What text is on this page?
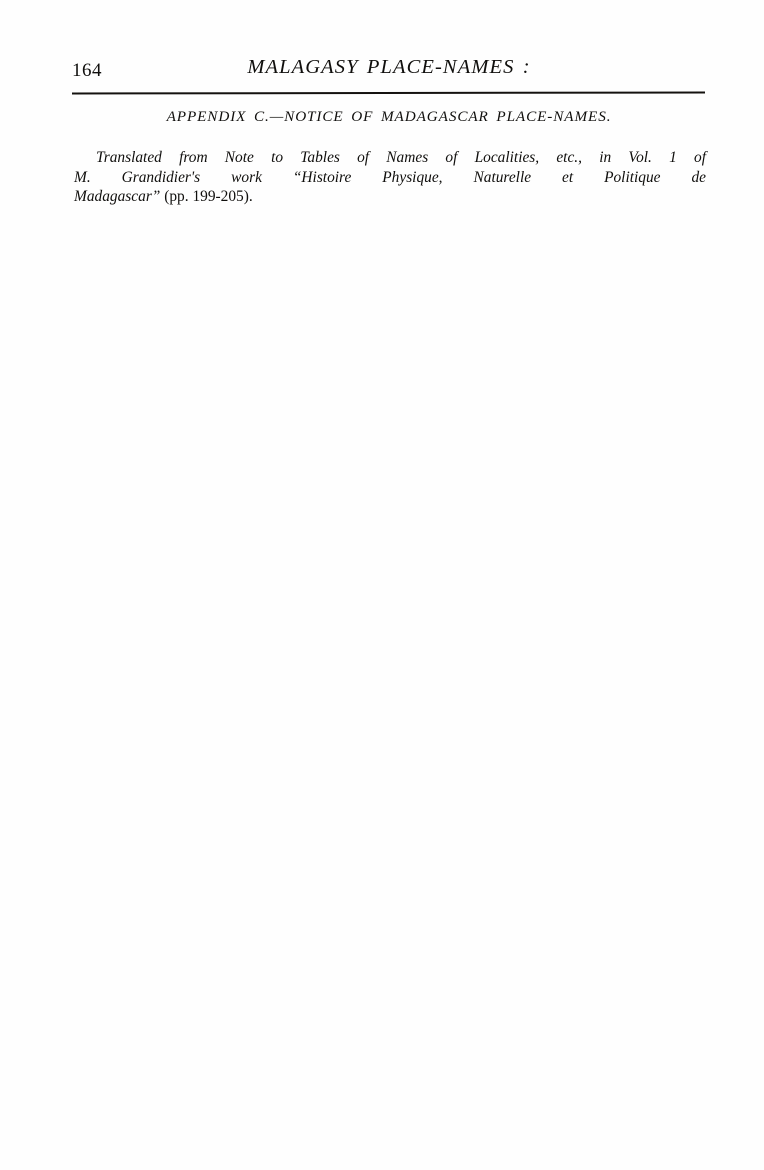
164	MALAGASY PLACE-NAMES :
APPENDIX C.—NOTICE OF MADAGASCAR PLACE-NAMES.
Translated from Note to Tables of Names of Localities, etc., in Vol. 1 of
M. Grandidier's work “Histoire Physique, Naturelle et Politique de
Madagascar” (pp. 199-205).
